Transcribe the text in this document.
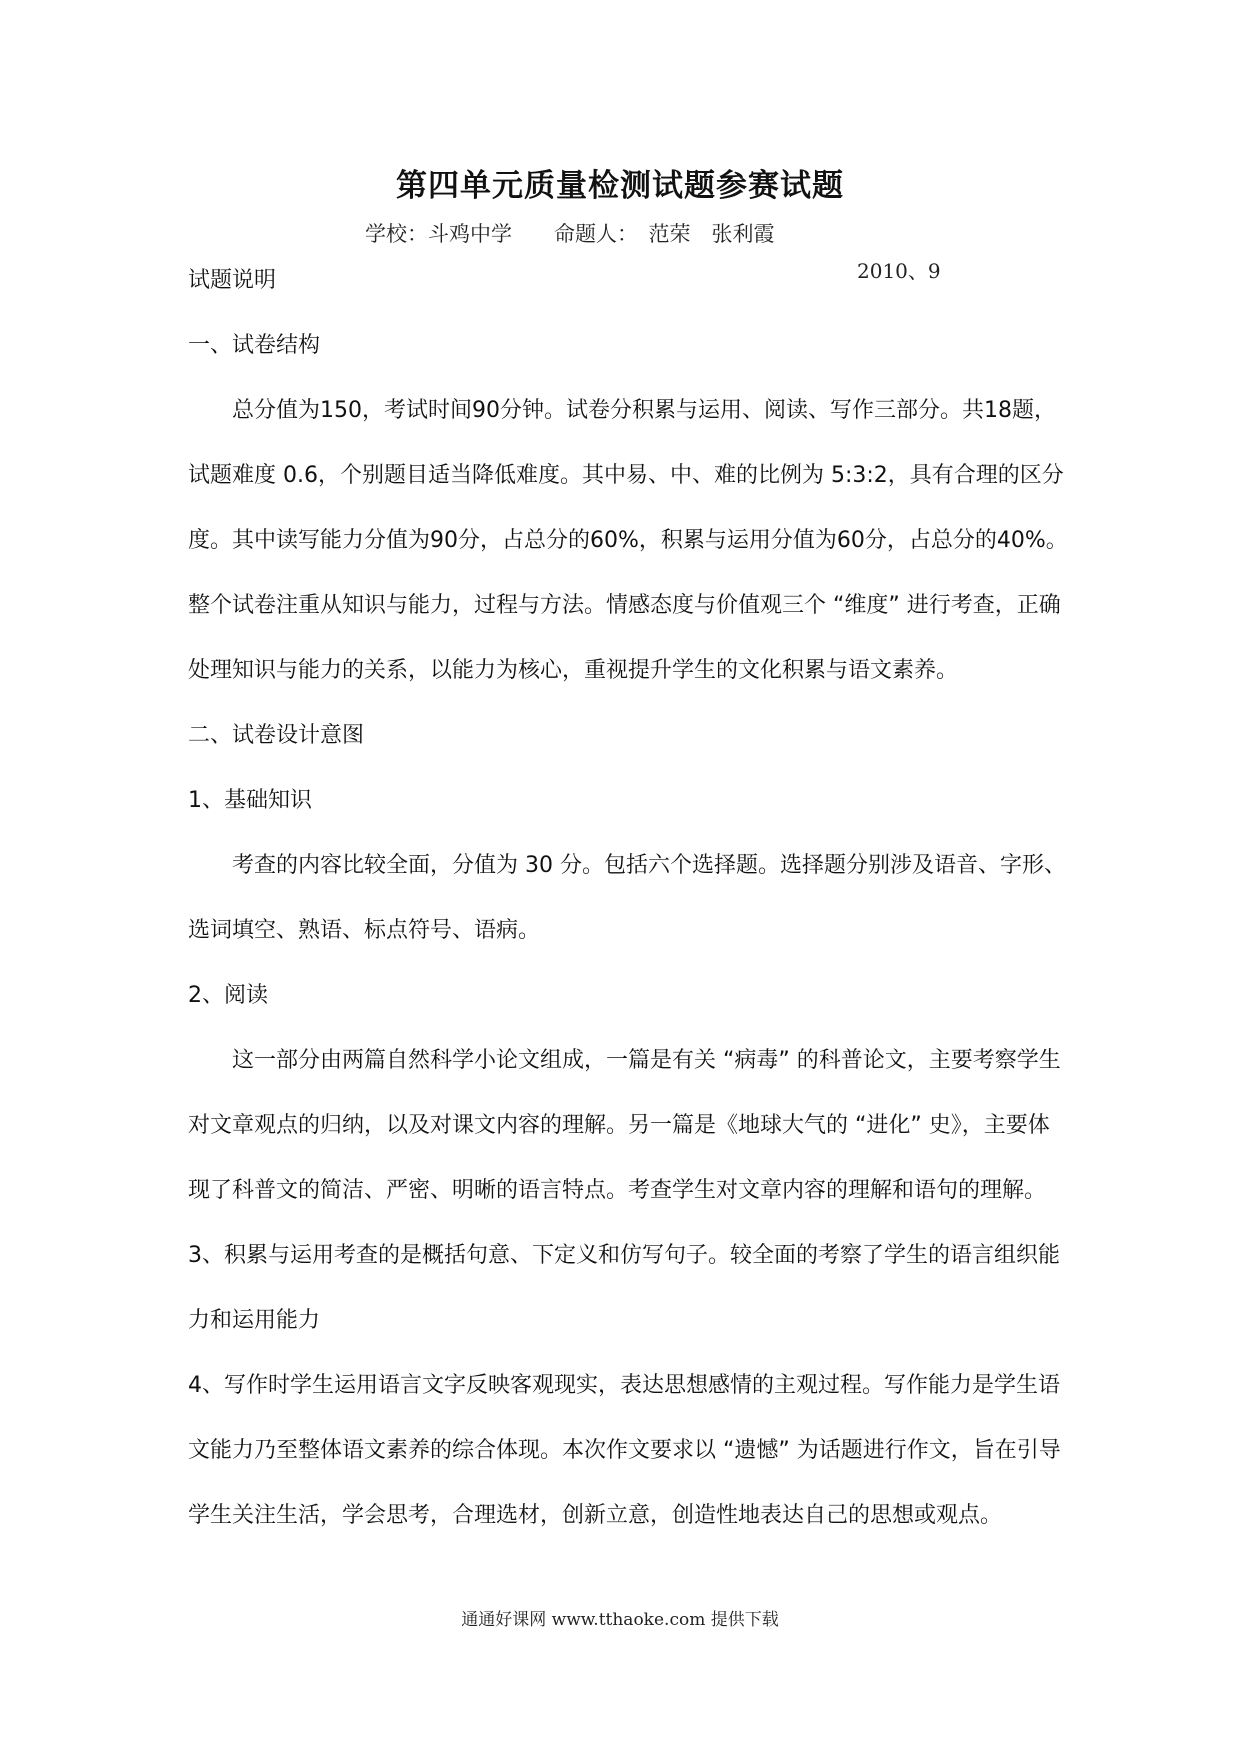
第四单元质量检测试题参赛试题
学校：斗鸡中学　　命题人：　范荣　张利霞
2010、9
试题说明
一、试卷结构
总分值为150，考试时间90分钟。试卷分积累与运用、阅读、写作三部分。共18题，
试题难度 0.6，个别题目适当降低难度。其中易、中、难的比例为 5:3:2，具有合理的区分
度。其中读写能力分值为90分，占总分的60%，积累与运用分值为60分，占总分的40%。
整个试卷注重从知识与能力，过程与方法。情感态度与价值观三个 “维度” 进行考查，正确
处理知识与能力的关系，以能力为核心，重视提升学生的文化积累与语文素养。
二、试卷设计意图
1、基础知识
考查的内容比较全面，分值为 30 分。包括六个选择题。选择题分别涉及语音、字形、
选词填空、熟语、标点符号、语病。
2、阅读
这一部分由两篇自然科学小论文组成，一篇是有关 “病毒” 的科普论文，主要考察学生
对文章观点的归纳，以及对课文内容的理解。另一篇是《地球大气的 “进化” 史》，主要体
现了科普文的简洁、严密、明晰的语言特点。考查学生对文章内容的理解和语句的理解。
3、积累与运用考查的是概括句意、下定义和仿写句子。较全面的考察了学生的语言组织能
力和运用能力
4、写作时学生运用语言文字反映客观现实，表达思想感情的主观过程。写作能力是学生语
文能力乃至整体语文素养的综合体现。本次作文要求以 “遗憾” 为话题进行作文，旨在引导
学生关注生活，学会思考，合理选材，创新立意，创造性地表达自己的思想或观点。
通通好课网 www.tthaoke.com 提供下载
